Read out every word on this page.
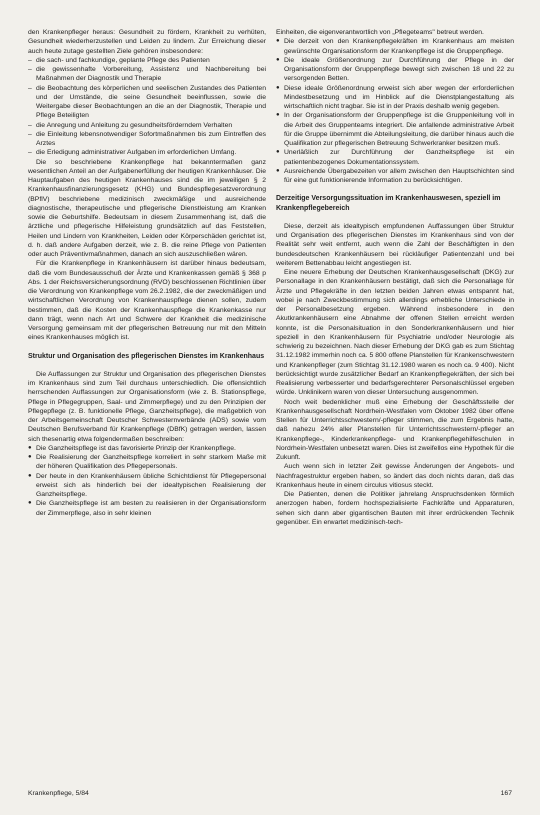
den Krankenpfleger heraus: Gesundheit zu fördern, Krankheit zu verhüten, Gesundheit wiederherzustellen und Leiden zu lindern. Zur Erreichung dieser auch heute zutage gestellten Ziele gehören insbesondere:

– die sach- und fachkundige, geplante Pflege des Patienten
– die gewissenhafte Vorbereitung, Assistenz und Nachbereitung bei Maßnahmen der Diagnostik und Therapie
– die Beobachtung des körperlichen und seelischen Zustandes des Patienten und der Umstände, die seine Gesundheit beeinflussen, sowie die Weitergabe dieser Beobachtungen an die an der Diagnostik, Therapie und Pflege Beteiligten
– die Anregung und Anleitung zu gesundheitsförderndem Verhalten
– die Einleitung lebensnotwendiger Sofortmaßnahmen bis zum Eintreffen des Arztes
– die Erledigung administrativer Aufgaben im erforderlichen Umfang.

Die so beschriebene Krankenpflege hat bekanntermaßen ganz wesentlichen Anteil an der Aufgabenerfüllung der heutigen Krankenhäuser. Die Hauptaufgaben des heutigen Krankenhauses sind die im jeweiligen § 2 Krankenhausfinanzierungsgesetz (KHG) und Bundespflegesatzverordnung (BPflV) beschriebene medizinisch zweckmäßige und ausreichende diagnostische, therapeutische und pflegerische Dienstleistung am Kranken sowie die Geburtshilfe. Bedeutsam in diesem Zusammenhang ist, daß die ärztliche und pflegerische Hilfeleistung grundsätzlich auf das Feststellen, Heilen und Lindern von Krankheiten, Leiden oder Körperschäden gerichtet ist, d. h. daß andere Aufgaben derzeit, wie z. B. die reine Pflege von Patienten oder auch Präventivmaßnahmen, danach an sich auszuschließen wären.

Für die Krankenpflege in Krankenhäusern ist darüber hinaus bedeutsam, daß die vom Bundesausschuß der Ärzte und Krankenkassen gemäß § 368 p Abs. 1 der Reichsversicherungsordnung (RVO) beschlossenen Richtlinien über die Verordnung von Krankenpflege vom 26.2.1982, die der zweckmäßigen und wirtschaftlichen Verordnung von Krankenhauspflege dienen sollen, zudem bestimmen, daß die Kosten der Krankenhauspflege die Krankenkasse nur dann trägt, wenn nach Art und Schwere der Krankheit die medizinische Versorgung gemeinsam mit der pflegerischen Betreuung nur mit den Mitteln eines Krankenhauses möglich ist.

Struktur und Organisation des pflegerischen Dienstes im Krankenhaus

Die Auffassungen zur Struktur und Organisation des pflegerischen Dienstes im Krankenhaus sind zum Teil durchaus unterschiedlich. Die offensichtlich herrschenden Auffassungen zur Organisationsform (wie z. B. Stationspflege, Pflege in Pflegegruppen, Saal- und Zimmerpflege) und zu den Prinzipien der Pflegepflege (z. B. funktionelle Pflege, Ganzheitspflege), die maßgeblich von der Arbeitsgemeinschaft Deutscher Schwesternverbände (ADS) sowie vom Deutschen Berufsverband für Krankenpflege (DBfK) getragen werden, lassen sich thesenartig etwa folgendermaßen beschreiben:

● Die Ganzheitspflege ist das favorisierte Prinzip der Krankenpflege.
● Die Realisierung der Ganzheitspflege korreliert in sehr starkem Maße mit der höheren Qualifikation des Pflegepersonals.
● Der heute in den Krankenhäusern übliche Schichtdienst für Pflegepersonal erweist sich als hinderlich bei der idealtypischen Realisierung der Ganzheitspflege.
● Die Ganzheitspflege ist am besten zu realisieren in der Organisationsform der Zimmerpflege, also in sehr kleinen

Einheiten, die eigenverantwortlich von „Pflegeteams" betreut werden.

● Die derzeit von den Krankenpflegekräften im Krankenhaus am meisten gewünschte Organisationsform der Krankenpflege ist die Gruppenpflege.
● Die ideale Größenordnung zur Durchführung der Pflege in der Organisationsform der Gruppenpflege bewegt sich zwischen 18 und 22 zu versorgenden Betten.
● Diese ideale Größenordnung erweist sich aber wegen der erforderlichen Mindestbesetzung und im Hinblick auf die Dienstplangestaltung als wirtschaftlich nicht tragbar. Sie ist in der Praxis deshalb wenig gegeben.
● In der Organisationsform der Gruppenpflege ist die Gruppenleitung voll in die Arbeit des Gruppenteams integriert. Die anfallende administrative Arbeit für die Gruppe übernimmt die Abteilungsleitung, die darüber hinaus auch die Qualifikation zur pflegerischen Betreuung Schwerkranker besitzen muß.
● Unerläßlich zur Durchführung der Ganzheitspflege ist ein patientenbezogenes Dokumentationssystem.
● Ausreichende Übergabezeiten vor allem zwischen den Hauptschichten sind für eine gut funktionierende Information zu berücksichtigen.
Derzeitige Versorgungssituation im Krankenhauswesen, speziell im Krankenpflegebereich

Diese, derzeit als idealtypisch empfundenen Auffassungen über Struktur und Organisation des pflegerischen Dienstes im Krankenhaus sind von der Realität sehr weit entfernt, auch wenn die Zahl der Beschäftigten in den bundesdeutschen Krankenhäusern bei rückläufiger Patientenzahl und bei weiterem Bettenabbau leicht angestiegen ist.

Eine neuere Erhebung der Deutschen Krankenhausgesellschaft (DKG) zur Personallage in den Krankenhäusern bestätigt, daß sich die Personallage für Ärzte und Pflegekräfte in den letzten beiden Jahren etwas entspannt hat, wobei je nach Zweckbestimmung sich allerdings erhebliche Unterschiede in der Personalbesetzung ergeben. Während insbesondere in den Akutkrankenhäusern eine Abnahme der offenen Stellen erreicht werden konnte, ist die Personalsituation in den Sonderkrankenhäusern und hier speziell in den Krankenhäusern für Psychiatrie und/oder Neurologie als schwierig zu bezeichnen. Nach dieser Erhebung der DKG gab es zum Stichtag 31.12.1982 immerhin noch ca. 5 800 offene Planstellen für Krankenschwestern und Krankenpfleger (zum Stichtag 31.12.1980 waren es noch ca. 9 400). Nicht berücksichtigt wurde zusätzlicher Bedarf an Krankenpflegekräften, der sich bei Realisierung verbesserter und bedarfsgerechterer Personalschlüssel ergeben würde. Unklinikern waren von dieser Untersuchung ausgenommen.

Noch weit bedenklicher muß eine Erhebung der Geschäftsstelle der Krankenhausgesellschaft Nordrhein-Westfalen vom Oktober 1982 über offene Stellen für Unterrichtsschwestern/-pfleger stimmen, die zum Ergebnis hatte, daß nahezu 24% aller Planstellen für Unterrichtsschwestern/-pfleger an Krankenpflege-, Kinderkrankenpflege- und Krankenpflegehilfeschulen in Nordrhein-Westfalen unbesetzt waren. Dies ist zweifellos eine Hypothek für die Zukunft.

Auch wenn sich in letzter Zeit gewisse Änderungen der Angebots- und Nachfragestruktur ergeben haben, so ändert das doch nichts daran, daß das Krankenhaus heute in einem circulus vitiosus steckt.

Die Patienten, denen die Politiker jahrelang Anspruchsdenken förmlich anerzogen haben, fordern hochspezialisierte Fachkräfte und Apparaturen, sehen sich dann aber gigantischen Bauten mit ihrer erdrückenden Technik gegenüber. Ein erwartet medizinisch-tech-

Krankenpflege, 5/84	167
